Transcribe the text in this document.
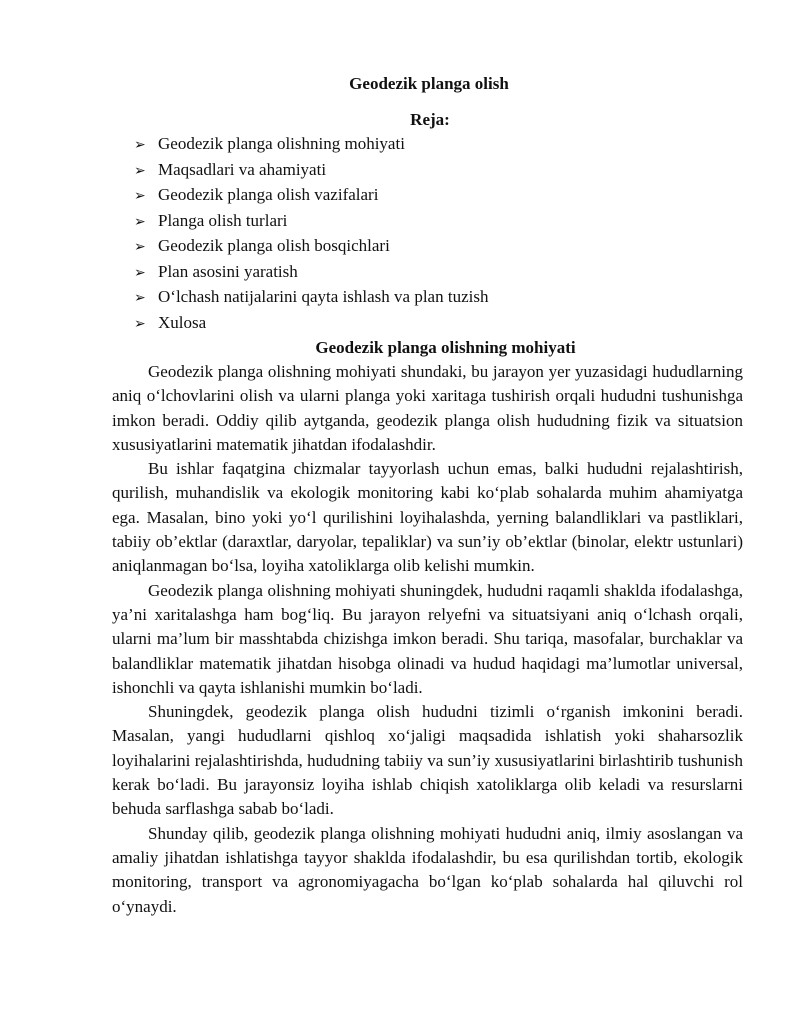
Geodezik planga olish
Reja:
➢ Geodezik planga olishning mohiyati
➢ Maqsadlari va ahamiyati
➢ Geodezik planga olish vazifalari
➢ Planga olish turlari
➢ Geodezik planga olish bosqichlari
➢ Plan asosini yaratish
➢ O‘lchash natijalarini qayta ishlash va plan tuzish
➢ Xulosa
Geodezik planga olishning mohiyati

Geodezik planga olishning mohiyati shundaki, bu jarayon yer yuzasidagi hududlarning aniq o‘lchovlarini olish va ularni planga yoki xaritaga tushirish orqali hududni tushunishga imkon beradi. Oddiy qilib aytganda, geodezik planga olish hududning fizik va situatsion xususiyatlarini matematik jihatdan ifodalashdir.

Bu ishlar faqatgina chizmalar tayyorlash uchun emas, balki hududni rejalashtirish, qurilish, muhandislik va ekologik monitoring kabi ko‘plab sohalarda muhim ahamiyatga ega. Masalan, bino yoki yo‘l qurilishini loyihalashda, yerning balandliklari va pastliklari, tabiiy ob’ektlar (daraxtlar, daryolar, tepaliklar) va sun’iy ob’ektlar (binolar, elektr ustunlari) aniqlanmagan bo‘lsa, loyiha xatoliklarga olib kelishi mumkin.

Geodezik planga olishning mohiyati shuningdek, hududni raqamli shaklda ifodalashga, ya’ni xaritalashga ham bog‘liq. Bu jarayon relyefni va situatsiyani aniq o‘lchash orqali, ularni ma’lum bir masshtabda chizishga imkon beradi. Shu tariqa, masofalar, burchaklar va balandliklar matematik jihatdan hisobga olinadi va hudud haqidagi ma’lumotlar universal, ishonchli va qayta ishlanishi mumkin bo‘ladi.

Shuningdek, geodezik planga olish hududni tizimli o‘rganish imkonini beradi. Masalan, yangi hududlarni qishloq xo‘jaligi maqsadida ishlatish yoki shaharsozlik loyihalarini rejalashtirishda, hududning tabiiy va sun’iy xususiyatlarini birlashtirib tushunish kerak bo‘ladi. Bu jarayonsiz loyiha ishlab chiqish xatoliklarga olib keladi va resurslarni behuda sarflashga sabab bo‘ladi.

Shunday qilib, geodezik planga olishning mohiyati hududni aniq, ilmiy asoslangan va amaliy jihatdan ishlatishga tayyor shaklda ifodalashdir, bu esa qurilishdan tortib, ekologik monitoring, transport va agronomiyagacha bo‘lgan ko‘plab sohalarda hal qiluvchi rol o‘ynaydi.
